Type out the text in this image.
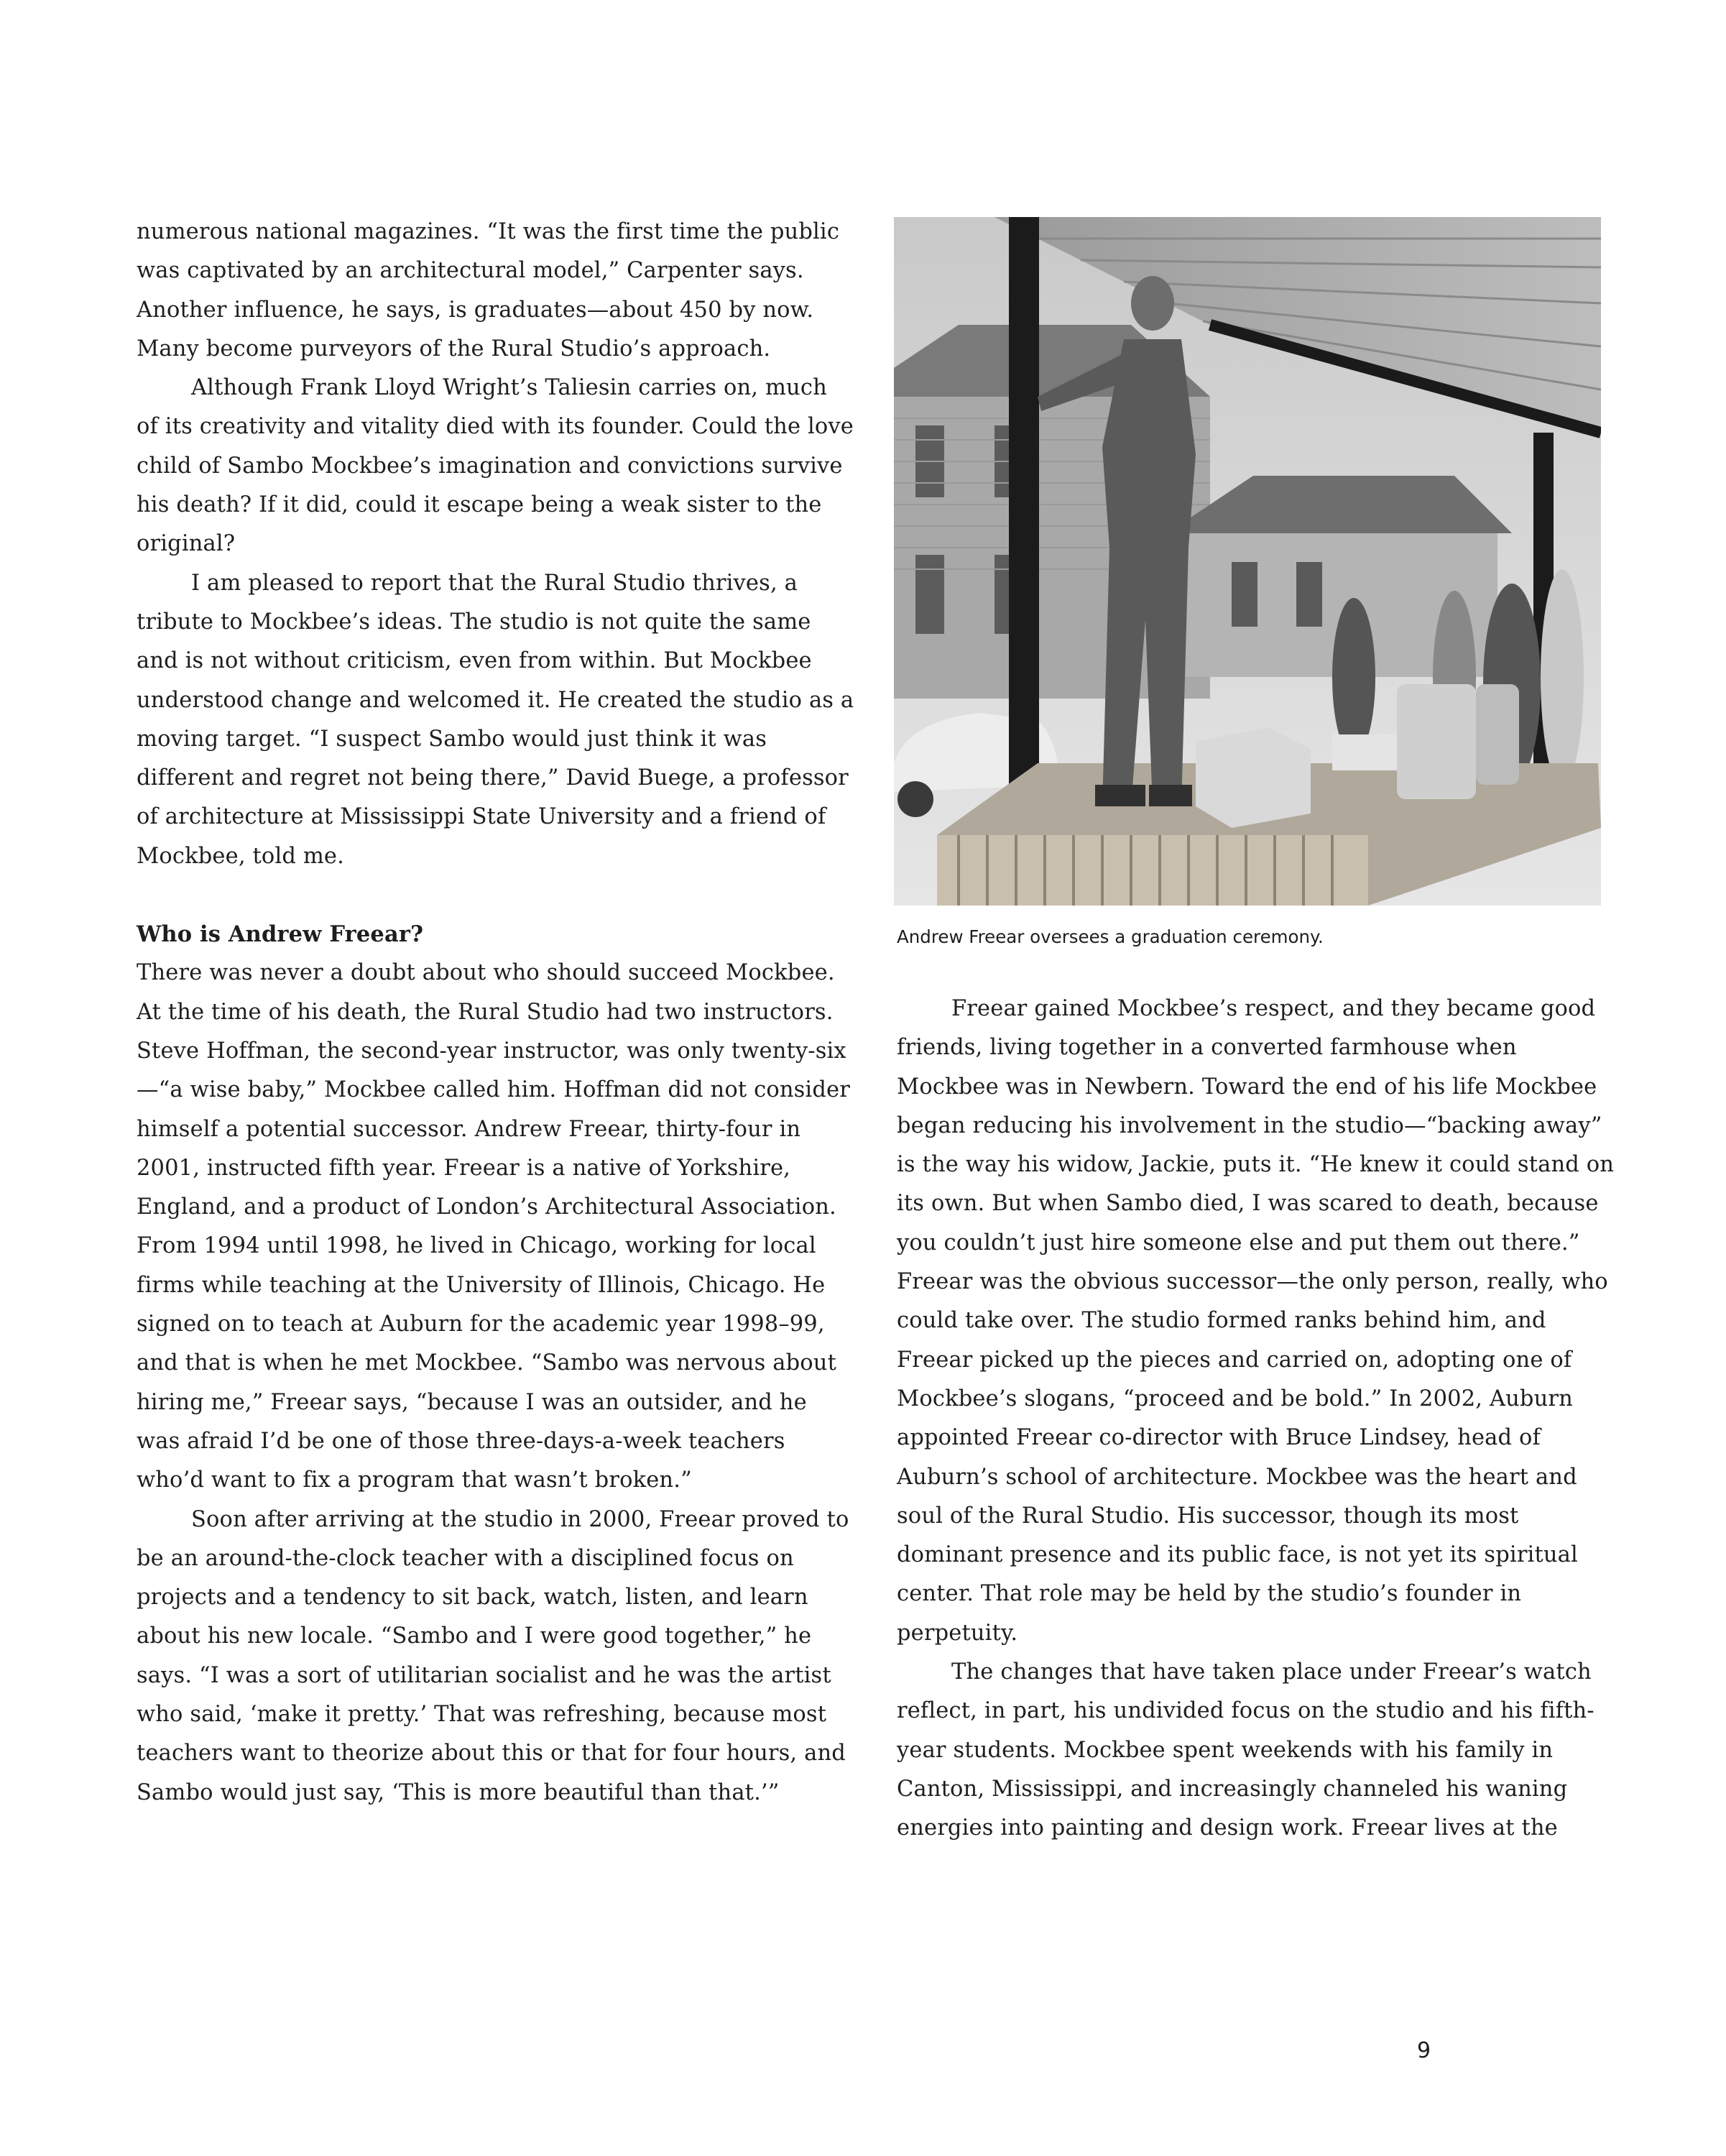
numerous national magazines. “It was the first time the public was captivated by an architectural model,” Carpenter says. Another influence, he says, is graduates—about 450 by now. Many become purveyors of the Rural Studio’s approach.

Although Frank Lloyd Wright’s Taliesin carries on, much of its creativity and vitality died with its founder. Could the love child of Sambo Mockbee’s imagination and convictions survive his death? If it did, could it escape being a weak sister to the original?

I am pleased to report that the Rural Studio thrives, a tribute to Mockbee’s ideas. The studio is not quite the same and is not without criticism, even from within. But Mockbee understood change and welcomed it. He created the studio as a moving target. “I suspect Sambo would just think it was different and regret not being there,” David Buege, a professor of architecture at Mississippi State University and a friend of Mockbee, told me.

Who is Andrew Freear?

There was never a doubt about who should succeed Mockbee. At the time of his death, the Rural Studio had two instructors. Steve Hoffman, the second-year instructor, was only twenty-six—“a wise baby,” Mockbee called him. Hoffman did not consider himself a potential successor. Andrew Freear, thirty-four in 2001, instructed fifth year. Freear is a native of Yorkshire, England, and a product of London’s Architectural Association. From 1994 until 1998, he lived in Chicago, working for local firms while teaching at the University of Illinois, Chicago. He signed on to teach at Auburn for the academic year 1998–99, and that is when he met Mockbee. “Sambo was nervous about hiring me,” Freear says, “because I was an outsider, and he was afraid I’d be one of those three-days-a-week teachers who’d want to fix a program that wasn’t broken.”

Soon after arriving at the studio in 2000, Freear proved to be an around-the-clock teacher with a disciplined focus on projects and a tendency to sit back, watch, listen, and learn about his new locale. “Sambo and I were good together,” he says. “I was a sort of utilitarian socialist and he was the artist who said, ‘make it pretty.’ That was refreshing, because most teachers want to theorize about this or that for four hours, and Sambo would just say, ‘This is more beautiful than that.’”

Andrew Freear oversees a graduation ceremony.

Freear gained Mockbee’s respect, and they became good friends, living together in a converted farmhouse when Mockbee was in Newbern. Toward the end of his life Mockbee began reducing his involvement in the studio—“backing away” is the way his widow, Jackie, puts it. “He knew it could stand on its own. But when Sambo died, I was scared to death, because you couldn’t just hire someone else and put them out there.” Freear was the obvious successor—the only person, really, who could take over. The studio formed ranks behind him, and Freear picked up the pieces and carried on, adopting one of Mockbee’s slogans, “proceed and be bold.” In 2002, Auburn appointed Freear co-director with Bruce Lindsey, head of Auburn’s school of architecture. Mockbee was the heart and soul of the Rural Studio. His successor, though its most dominant presence and its public face, is not yet its spiritual center. That role may be held by the studio’s founder in perpetuity.

The changes that have taken place under Freear’s watch reflect, in part, his undivided focus on the studio and his fifth-year students. Mockbee spent weekends with his family in Canton, Mississippi, and increasingly channeled his waning energies into painting and design work. Freear lives at the

9
